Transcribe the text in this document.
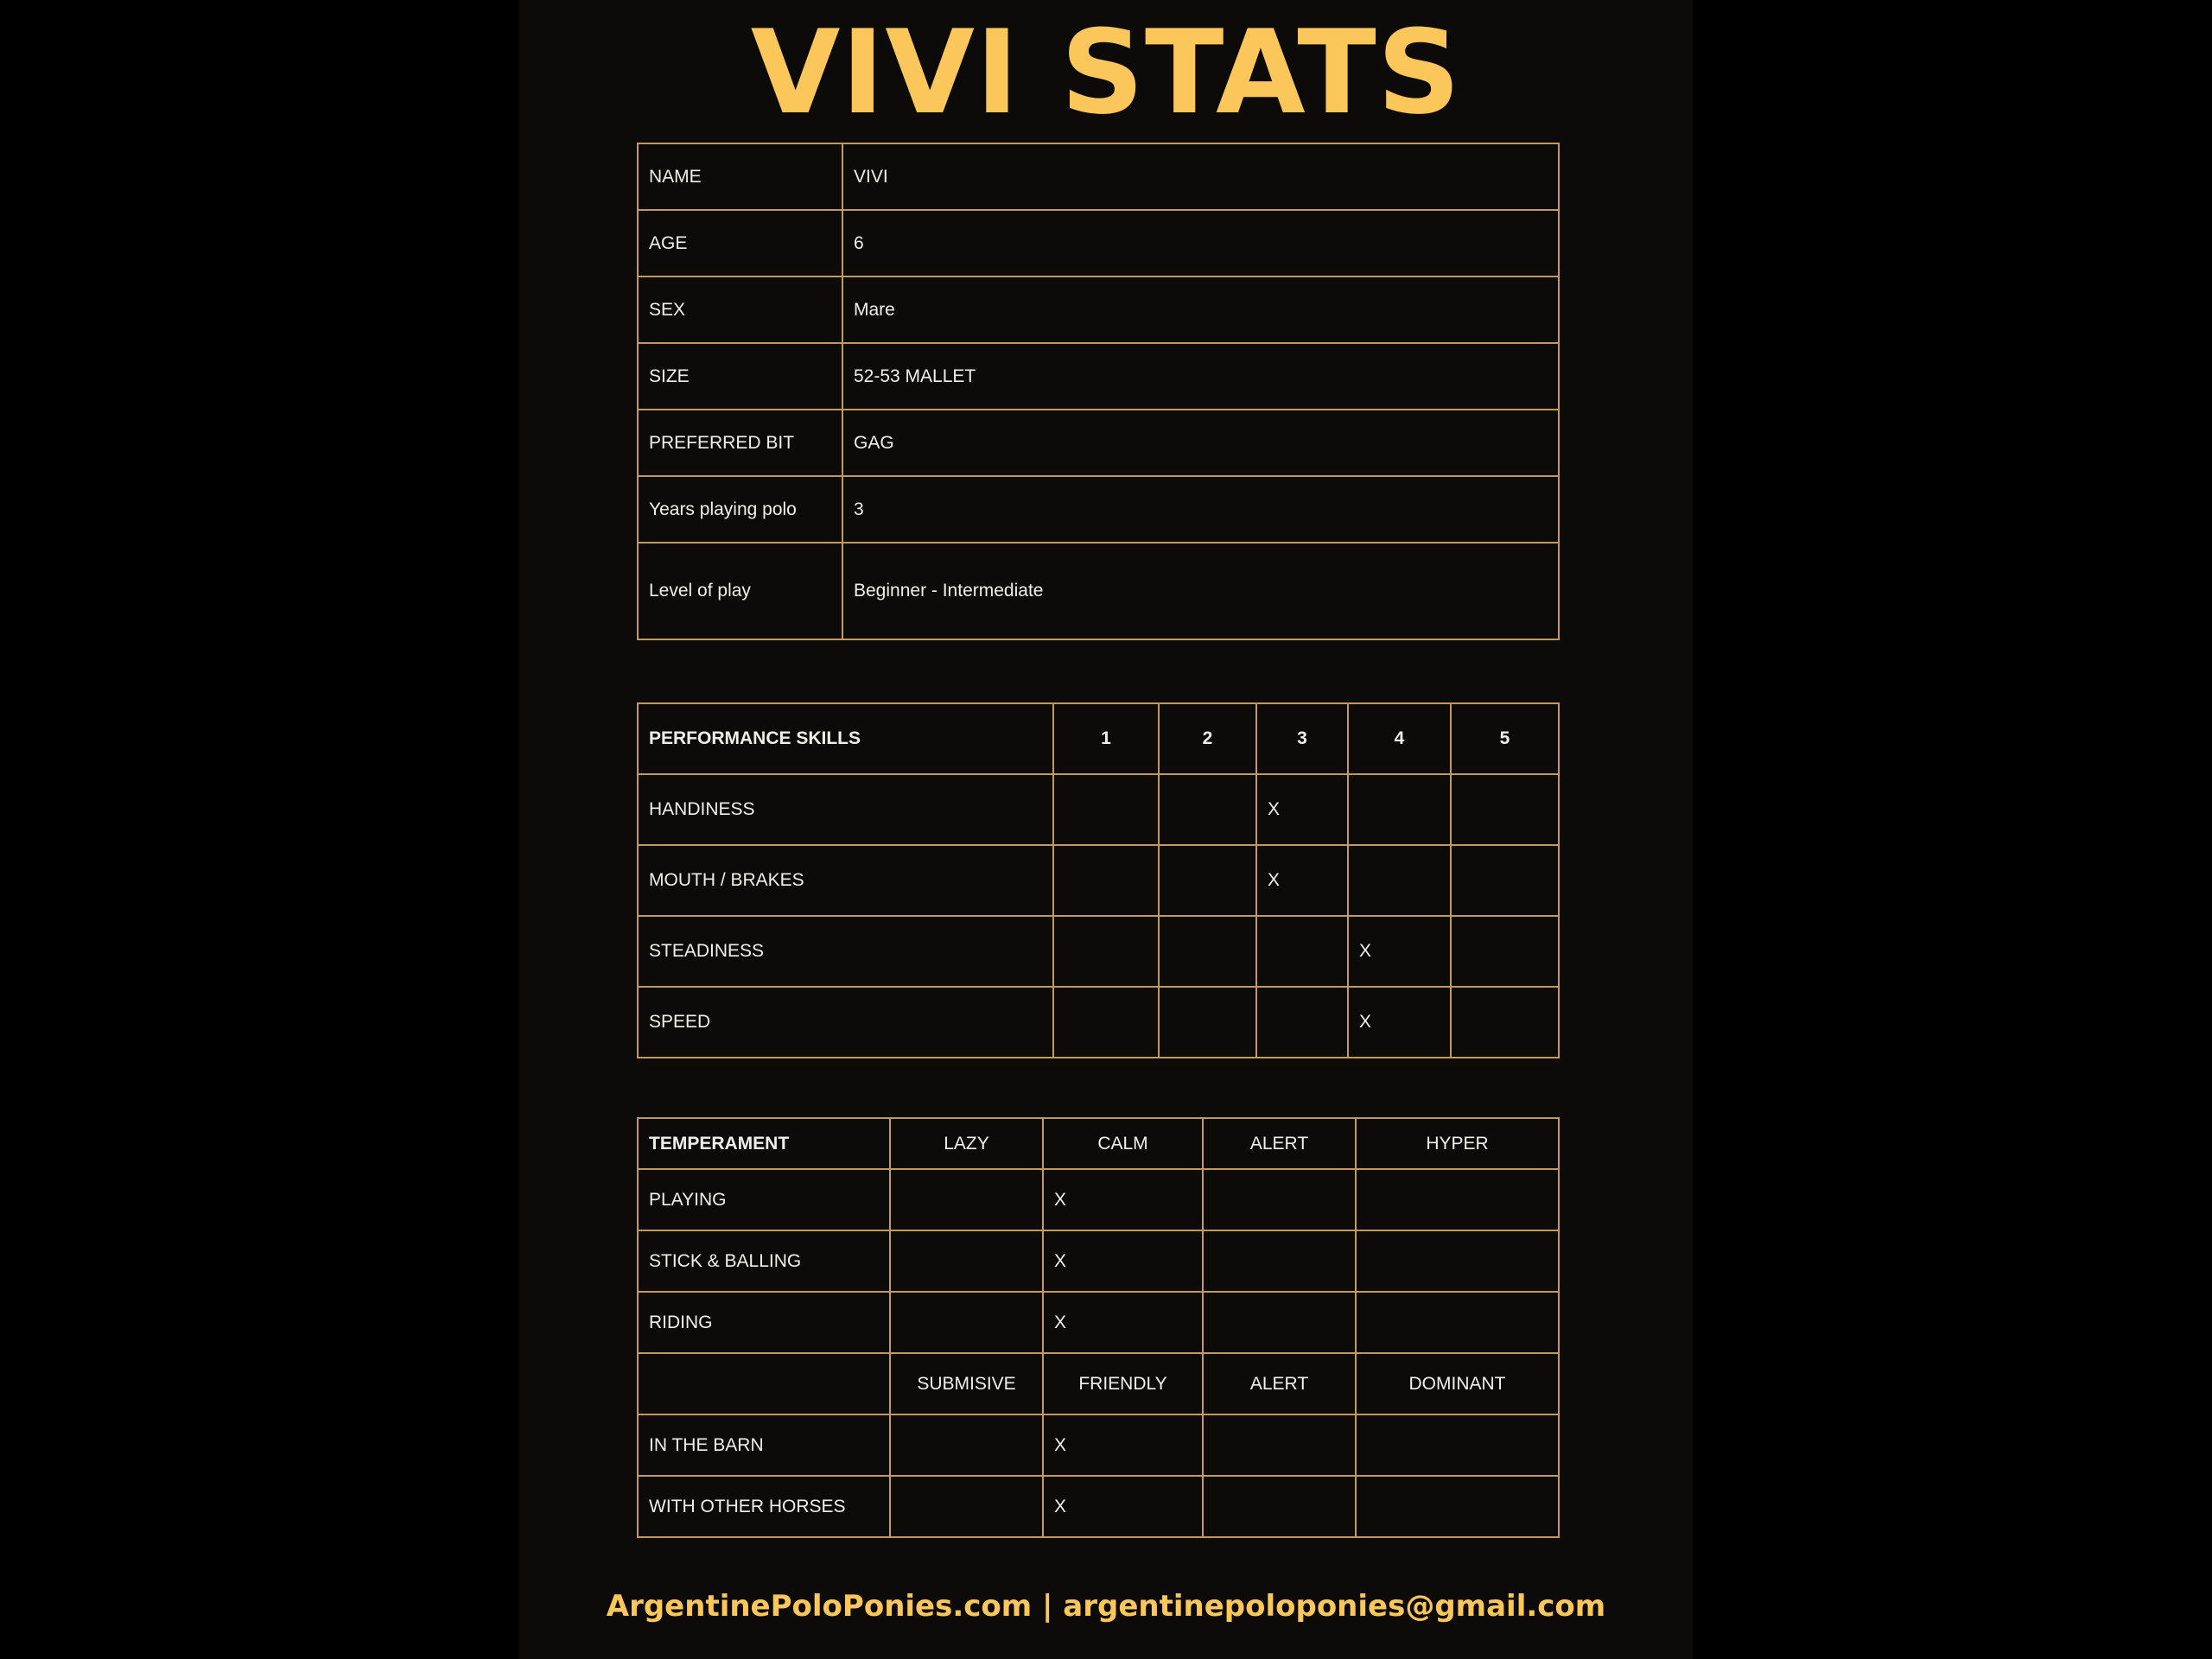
VIVI STATS
NAME	VIVI
AGE	6
SEX	Mare
SIZE	52-53 MALLET
PREFERRED BIT	GAG
Years playing polo	3
Level of play	Beginner - Intermediate
PERFORMANCE SKILLS	1	2	3	4	5
HANDINESS			X		
MOUTH / BRAKES			X		
STEADINESS				X	
SPEED				X	
TEMPERAMENT	LAZY	CALM	ALERT	HYPER
PLAYING		X		
STICK & BALLING		X		
RIDING		X		
	SUBMISIVE	FRIENDLY	ALERT	DOMINANT
IN THE BARN		X		
WITH OTHER HORSES		X		
ArgentinePoloPonies.com | argentinepoloponies@gmail.com
